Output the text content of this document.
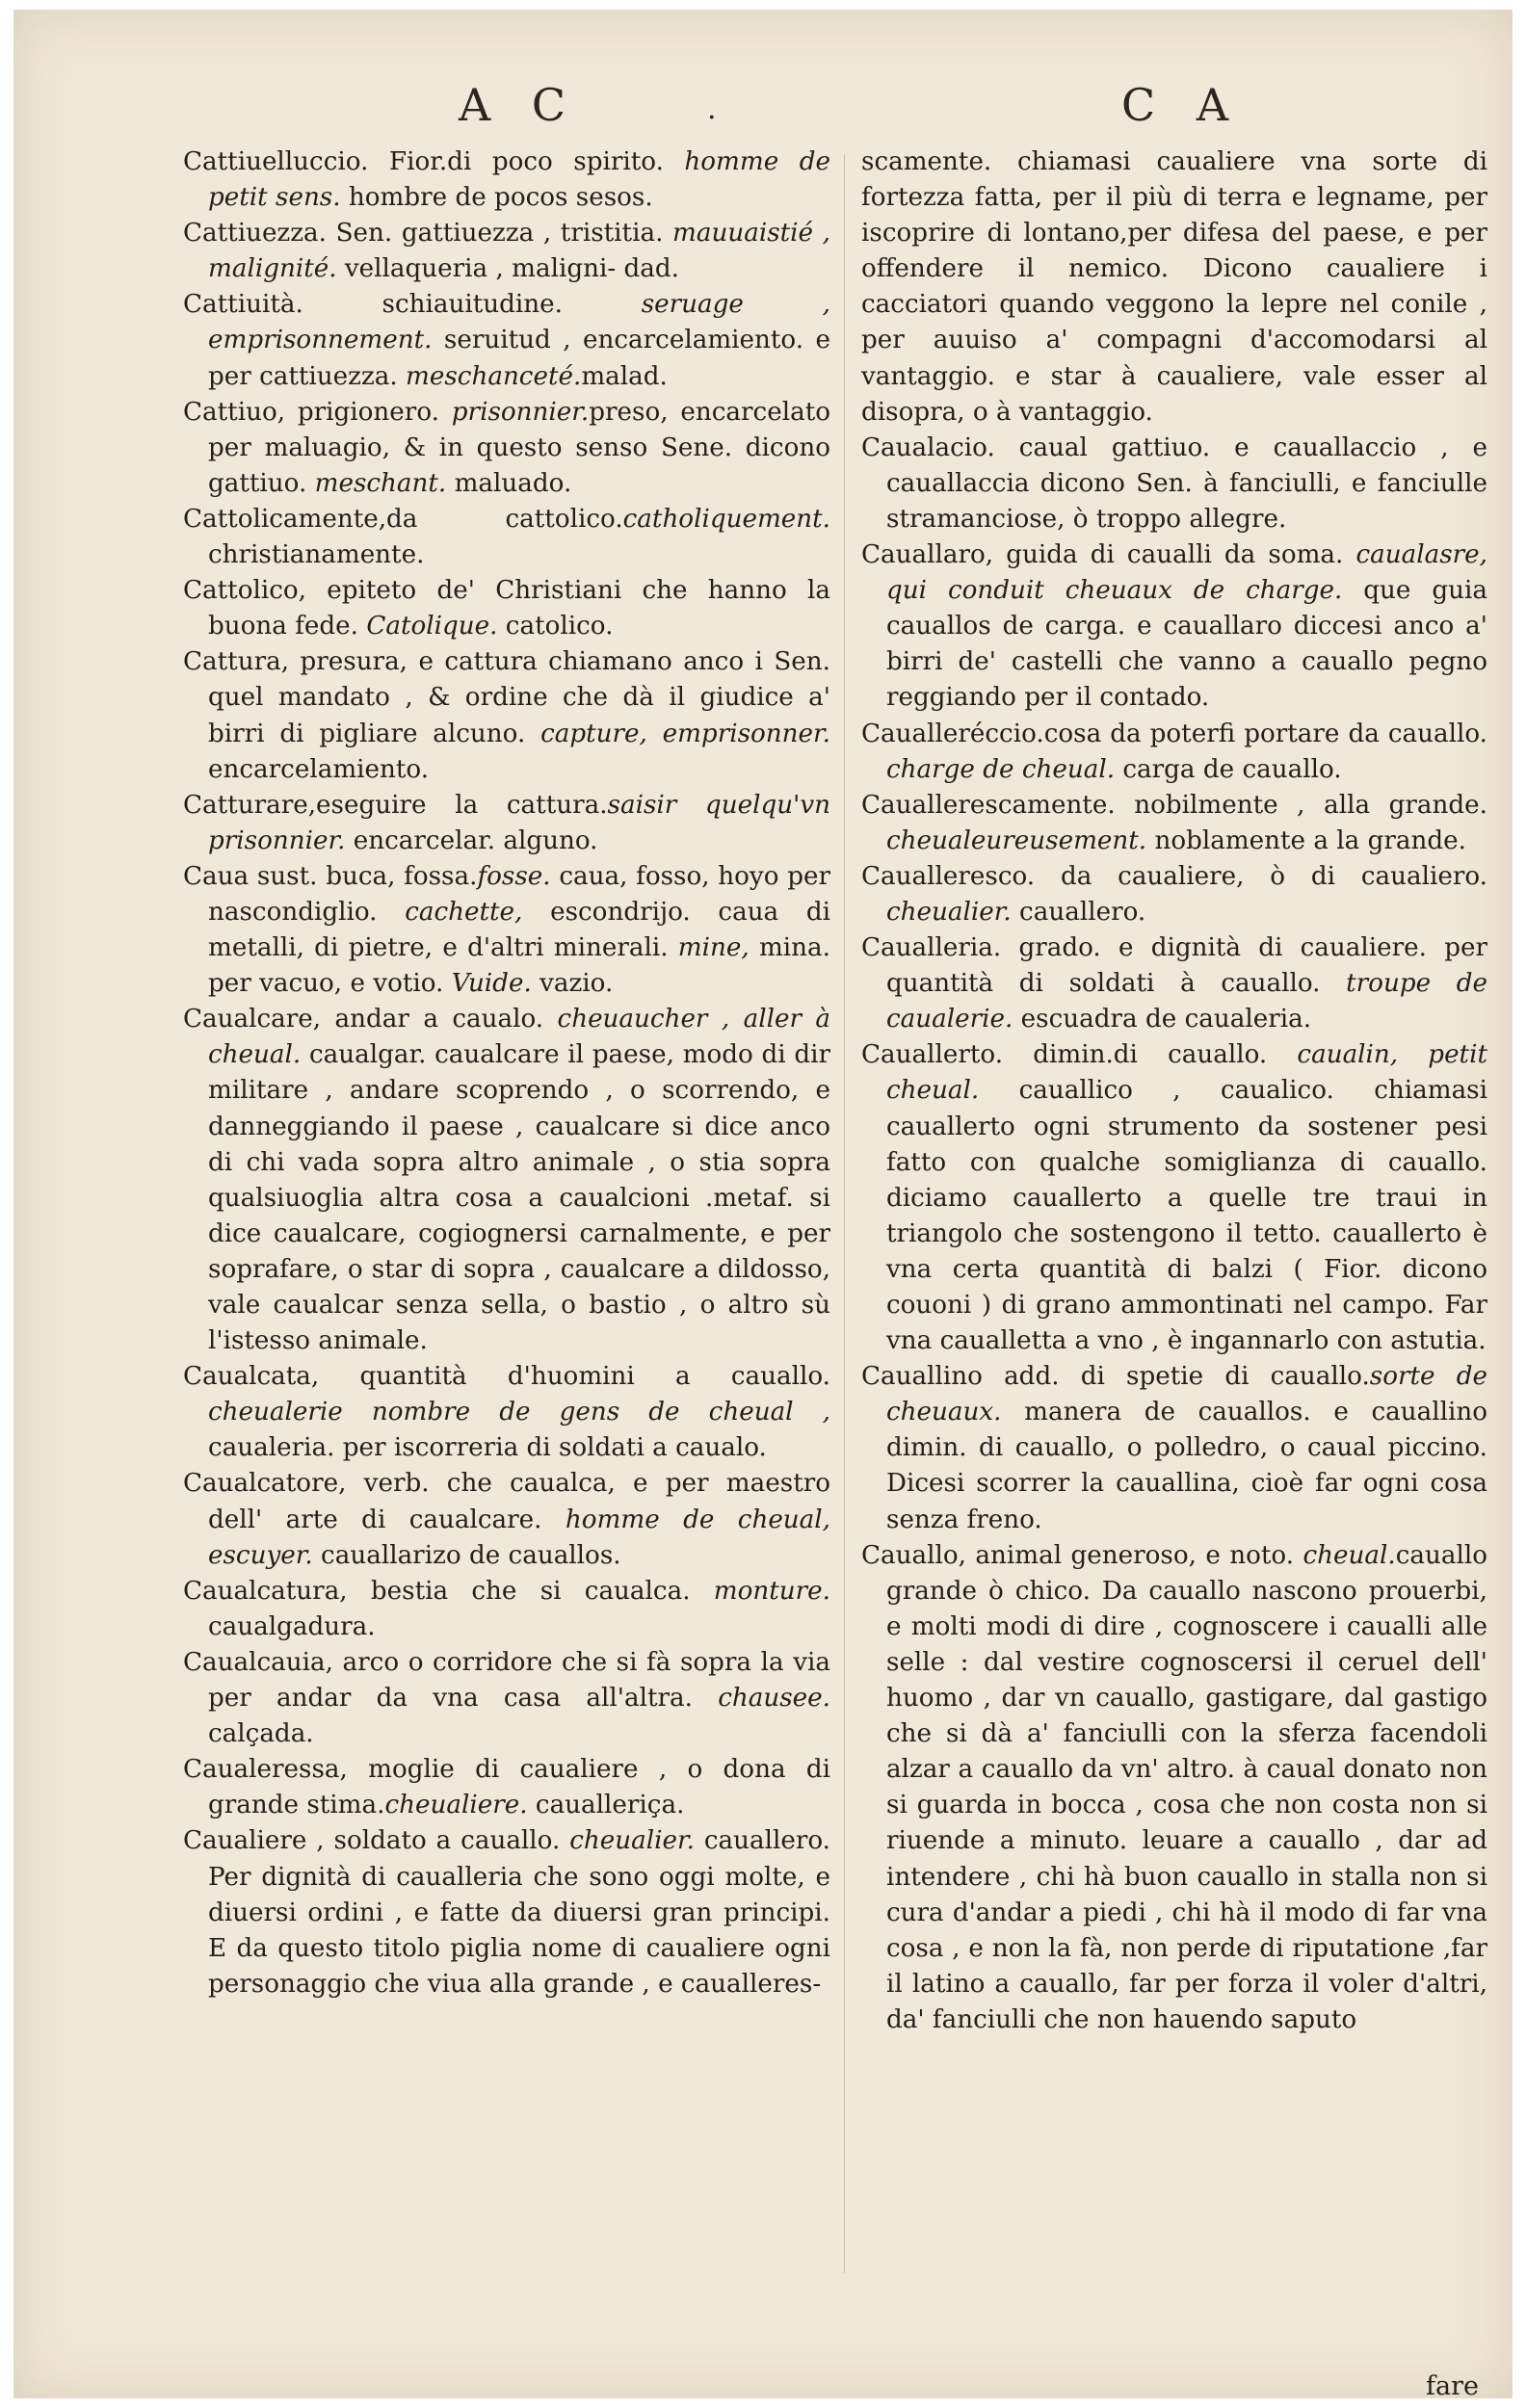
A C	.	C A

Cattiuelluccio. Fior.di poco spirito. homme de petit sens. hombre de pocos sesos.

Cattiuezza. Sen. gattiuezza , tristitia. mauuaistié , malignité. vellaqueria , maligni- dad.

Cattiuità. schiauitudine. seruage , emprisonnement. seruitud , encarcelamiento. e per cattiuezza. meschanceté.malad.

Cattiuo, prigionero. prisonnier.preso, encarcelato per maluagio, & in questo senso Sene. dicono gattiuo. meschant. maluado.

Cattolicamente,da cattolico.catholiquement. christianamente.

Cattolico, epiteto de' Christiani che hanno la buona fede. Catolique. catolico.

Cattura, presura, e cattura chiamano anco i Sen. quel mandato , & ordine che dà il giudice a' birri di pigliare alcuno. capture, emprisonner. encarcelamiento.

Catturare,eseguire la cattura.saisir quelqu'vn prisonnier. encarcelar. alguno.

Caua sust. buca, fossa.fosse. caua, fosso, hoyo per nascondiglio. cachette, escondrijo. caua di metalli, di pietre, e d'altri minerali. mine, mina. per vacuo, e votio. Vuide. vazio.

Caualcare, andar a caualo. cheuaucher , aller à cheual. caualgar. caualcare il paese, modo di dir militare , andare scoprendo , o scorrendo, e danneggiando il paese , caualcare si dice anco di chi vada sopra altro animale , o stia sopra qualsiuoglia altra cosa a caualcioni .metaf. si dice caualcare, cogiognersi carnalmente, e per soprafare, o star di sopra , caualcare a dildosso, vale caualcar senza sella, o bastio , o altro sù l'istesso animale.

Caualcata, quantità d'huomini a cauallo. cheualerie nombre de gens de cheual , caualeria. per iscorreria di soldati a caualo.

Caualcatore, verb. che caualca, e per maestro dell' arte di caualcare. homme de cheual, escuyer. cauallarizo de cauallos.

Caualcatura, bestia che si caualca. monture. caualgadura.

Caualcauia, arco o corridore che si fà sopra la via per andar da vna casa all'altra. chausee. calçada.

Caualeressa, moglie di caualiere , o dona di grande stima.cheualiere. caualleriça.

Caualiere , soldato a cauallo. cheualier. cauallero. Per dignità di caualleria che sono oggi molte, e diuersi ordini , e fatte da diuersi gran principi. E da questo titolo piglia nome di caualiere ogni personaggio che viua alla grande , e caualleres-

scamente. chiamasi caualiere vna sorte di fortezza fatta, per il più di terra e legname, per iscoprire di lontano,per difesa del paese, e per offendere il nemico. Dicono caualiere i cacciatori quando veggono la lepre nel conile , per auuiso a' compagni d'accomodarsi al vantaggio. e star à caualiere, vale esser al disopra, o à vantaggio.

Caualacio. caual gattiuo. e cauallaccio , e cauallaccia dicono Sen. à fanciulli, e fanciulle stramanciose, ò troppo allegre.

Cauallaro, guida di caualli da soma. caualasre, qui conduit cheuaux de charge. que guia cauallos de carga. e cauallaro diccesi anco a' birri de' castelli che vanno a cauallo pegno reggiando per il contado.

Caualleréccio.cosa da poterfi portare da cauallo. charge de cheual. carga de cauallo.

Cauallerescamente. nobilmente , alla grande. cheualeureusement. noblamente a la grande.

Caualleresco. da caualiere, ò di caualiero. cheualier. cauallero.

Caualleria. grado. e dignità di caualiere. per quantità di soldati à cauallo. troupe de caualerie. escuadra de caualeria.

Cauallerto. dimin.di cauallo. caualin, petit cheual. cauallico , caualico. chiamasi cauallerto ogni strumento da sostener pesi fatto con qualche somiglianza di cauallo. diciamo cauallerto a quelle tre traui in triangolo che sostengono il tetto. cauallerto è vna certa quantità di balzi ( Fior. dicono couoni ) di grano ammontinati nel campo. Far vna caualletta a vno , è ingannarlo con astutia.

Cauallino add. di spetie di cauallo.sorte de cheuaux. manera de cauallos. e cauallino dimin. di cauallo, o polledro, o caual piccino. Dicesi scorrer la cauallina, cioè far ogni cosa senza freno.

Cauallo, animal generoso, e noto. cheual.cauallo grande ò chico. Da cauallo nascono prouerbi, e molti modi di dire , cognoscere i caualli alle selle : dal vestire cognoscersi il ceruel dell' huomo , dar vn cauallo, gastigare, dal gastigo che si dà a' fanciulli con la sferza facendoli alzar a cauallo da vn' altro. à caual donato non si guarda in bocca , cosa che non costa non si riuende a minuto. leuare a cauallo , dar ad intendere , chi hà buon cauallo in stalla non si cura d'andar a piedi , chi hà il modo di far vna cosa , e non la fà, non perde di riputatione ,far il latino a cauallo, far per forza il voler d'altri, da' fanciulli che non hauendo saputo

fare
